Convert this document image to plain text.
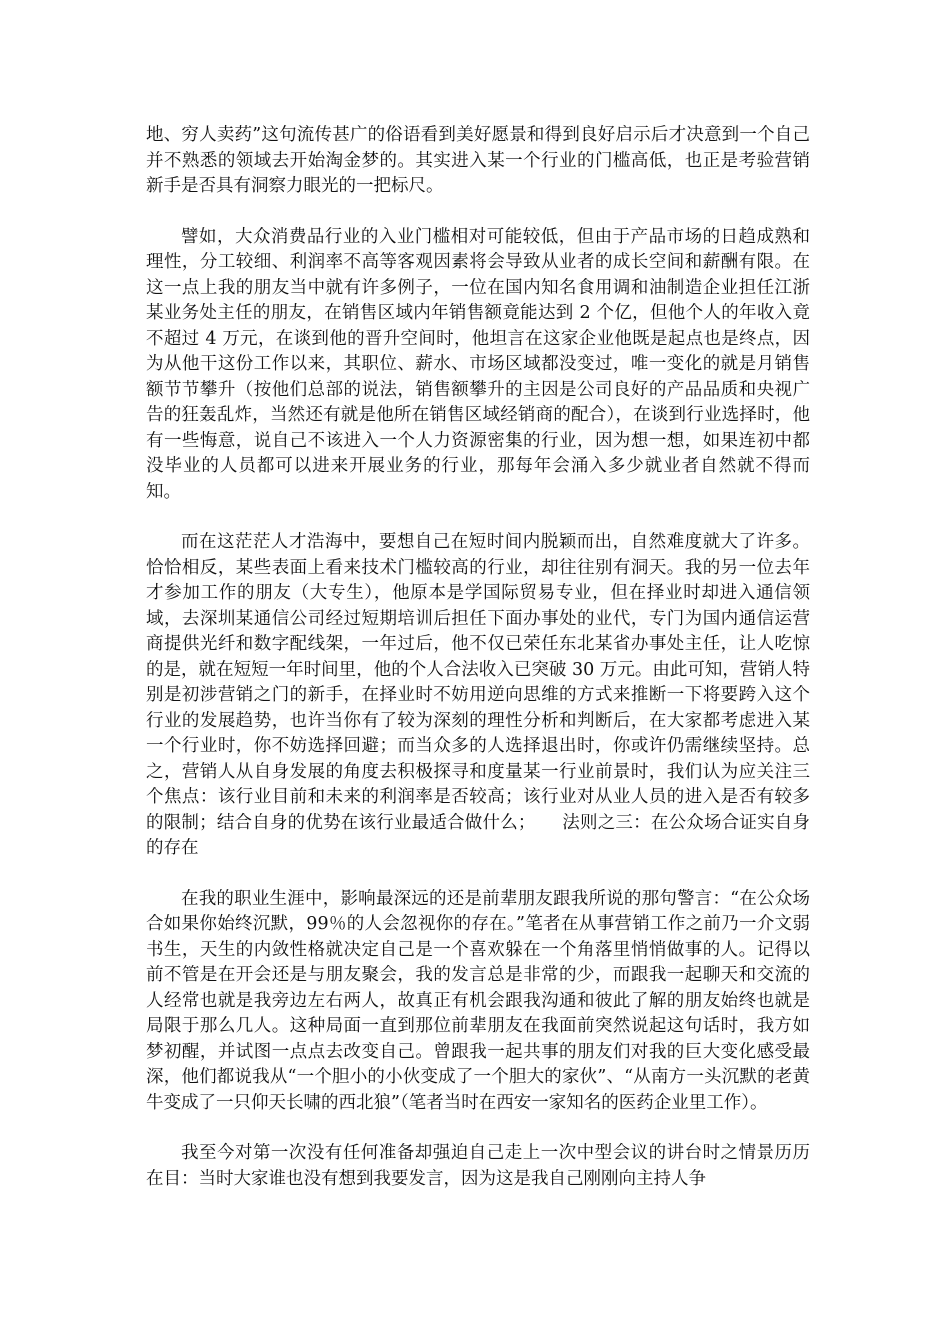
地、穷人卖药”这句流传甚广的俗语看到美好愿景和得到良好启示后才决意到一个自己并不熟悉的领域去开始淘金梦的。其实进入某一个行业的门槛高低，也正是考验营销新手是否具有洞察力眼光的一把标尺。

譬如，大众消费品行业的入业门槛相对可能较低，但由于产品市场的日趋成熟和理性，分工较细、利润率不高等客观因素将会导致从业者的成长空间和薪酬有限。在这一点上我的朋友当中就有许多例子，一位在国内知名食用调和油制造企业担任江浙某业务处主任的朋友，在销售区域内年销售额竟能达到 2 个亿，但他个人的年收入竟不超过 4 万元，在谈到他的晋升空间时，他坦言在这家企业他既是起点也是终点，因为从他干这份工作以来，其职位、薪水、市场区域都没变过，唯一变化的就是月销售额节节攀升（按他们总部的说法，销售额攀升的主因是公司良好的产品品质和央视广告的狂轰乱炸，当然还有就是他所在销售区域经销商的配合），在谈到行业选择时，他有一些悔意，说自己不该进入一个人力资源密集的行业，因为想一想，如果连初中都没毕业的人员都可以进来开展业务的行业，那每年会涌入多少就业者自然就不得而知。

而在这茫茫人才浩海中，要想自己在短时间内脱颖而出，自然难度就大了许多。恰恰相反，某些表面上看来技术门槛较高的行业，却往往别有洞天。我的另一位去年才参加工作的朋友（大专生），他原本是学国际贸易专业，但在择业时却进入通信领域，去深圳某通信公司经过短期培训后担任下面办事处的业代，专门为国内通信运营商提供光纤和数字配线架，一年过后，他不仅已荣任东北某省办事处主任，让人吃惊的是，就在短短一年时间里，他的个人合法收入已突破 30 万元。由此可知，营销人特别是初涉营销之门的新手，在择业时不妨用逆向思维的方式来推断一下将要跨入这个行业的发展趋势，也许当你有了较为深刻的理性分析和判断后，在大家都考虑进入某一个行业时，你不妨选择回避；而当众多的人选择退出时，你或许仍需继续坚持。总之，营销人从自身发展的角度去积极探寻和度量某一行业前景时，我们认为应关注三个焦点：该行业目前和未来的利润率是否较高；该行业对从业人员的进入是否有较多的限制；结合自身的优势在该行业最适合做什么；　　法则之三：在公众场合证实自身的存在

在我的职业生涯中，影响最深远的还是前辈朋友跟我所说的那句警言：“在公众场合如果你始终沉默，99％的人会忽视你的存在。”笔者在从事营销工作之前乃一介文弱书生，天生的内敛性格就决定自己是一个喜欢躲在一个角落里悄悄做事的人。记得以前不管是在开会还是与朋友聚会，我的发言总是非常的少，而跟我一起聊天和交流的人经常也就是我旁边左右两人，故真正有机会跟我沟通和彼此了解的朋友始终也就是局限于那么几人。这种局面一直到那位前辈朋友在我面前突然说起这句话时，我方如梦初醒，并试图一点点去改变自己。曾跟我一起共事的朋友们对我的巨大变化感受最深，他们都说我从“一个胆小的小伙变成了一个胆大的家伙”、“从南方一头沉默的老黄牛变成了一只仰天长啸的西北狼”（笔者当时在西安一家知名的医药企业里工作）。

我至今对第一次没有任何准备却强迫自己走上一次中型会议的讲台时之情景历历在目：当时大家谁也没有想到我要发言，因为这是我自己刚刚向主持人争
